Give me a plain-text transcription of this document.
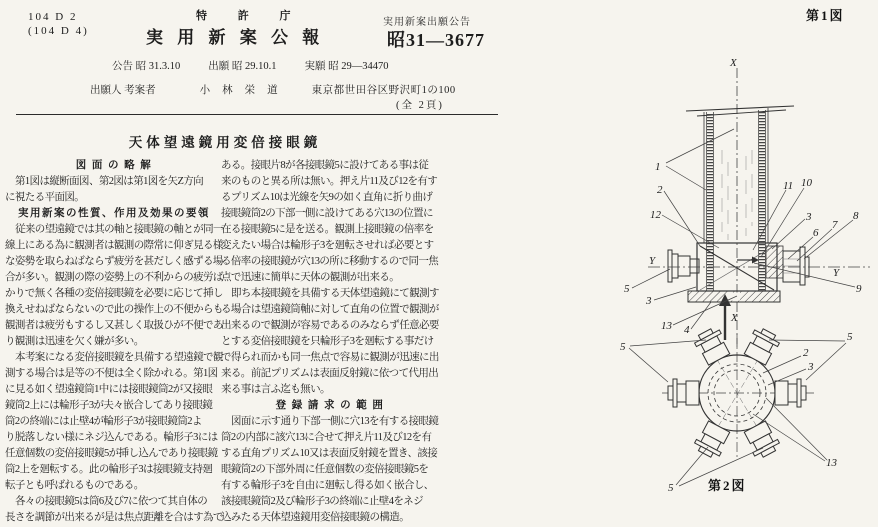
104 D 2
(104 D 4)
特 許 庁
実 用 新 案 公 報
実用新案出願公告
昭31—3677
公告 昭 31.3.10	出願 昭 29.10.1	実願 昭 29—34470
出願人 考案者	小林栄道 東京都世田谷区野沢町1の100
(全 2頁)
天体望遠鏡用変倍接眼鏡
図 面 の 略 解
第1図は縦断面図、第2図は第1図を矢Z方向
に視たる平面図。
実用新案の性質、作用及効果の要領
従来の望遠鏡では其の軸と接眼鏡の軸とが同一
線上にある為に観測者は観測の際常に仰ぎ見る様
な姿勢を取らねばならず疲労を甚だしく感ずる場
合が多い。観測の際の姿勢上の不利からの疲労ば
かりで無く各種の変倍接眼鏡を必要に応じて挿し
換えせねばならないので此の操作上の不便からも
観測者は疲労もするし又甚しく取扱ひが不便であ
り観測は迅速を欠く嫌が多い。
本考案になる変倍接眼鏡を具備する望遠鏡で観
測する場合は是等の不便は全く除かれる。第1図
に見る如く望遠鏡筒1中には接眼鏡筒2が又接眼
鏡筒2上には輪形子3が夫々嵌合してあり接眼鏡
筒2の終端には止壁4が輪形子3が接眼鏡筒2よ
り脱落しない様にネジ込んである。輪形子3には
任意個数の変倍接眼鏡5が挿し込んであり接眼鏡
筒2上を廻転する。此の輪形子3は接眼鏡支持廻
転子とも呼ばれるものである。
各々の接眼鏡5は筒6及び7に依つて其自体の
長さを調節が出来るが是は焦点距離を合はす為で
ある。接眼片8が各接眼鏡5に設けてある事は従
来のものと異る所は無い。押え片11及び12を有す
るプリズム10は光線を矢9の如く直角に折り曲げ
接眼鏡筒2の下部一側に設けてある穴13の位置に
在る接眼鏡5に是を送る。観測上接眼鏡の倍率を
変えたい場合は輪形子3を廻転させれば必要とす
る倍率の接眼鏡が穴13の所に移動するので同一焦
点で迅速に簡単に天体の観測が出来る。
即ち本接眼鏡を具備する天体望遠鏡にて観測す
る場合は望遠鏡筒軸に対して直角の位置で観測が
出来るので観測が容易であるのみならず任意必要
とする変倍接眼鏡を只輪形子3を廻転する事だけ
で得られ而かも同一焦点で容易に観測が迅速に出
来る。前記プリズムは表面反射鏡に依つて代用出
来る事は言ふ迄も無い。
登 録 請 求 の 範 囲
図面に示す通り下部一側に穴13を有する接眼鏡
筒2の内部に該穴13に合せて押え片11及び12を有
する直角プリズム10又は表面反射鏡を置き、該接
眼鏡筒2の下部外周に任意個数の変倍接眼鏡5を
有する輪形子3を自由に廻転し得る如く嵌合し、
該接眼鏡筒2及び輪形子3の終端に止壁4をネジ
込みたる天体望遠鏡用変倍接眼鏡の構造。
第1図
X
1
2
12
11 10
3	8
7
6
Y
Y
9
5
3
13 4
Z
X
5
5
5
2
3
13
第2図
